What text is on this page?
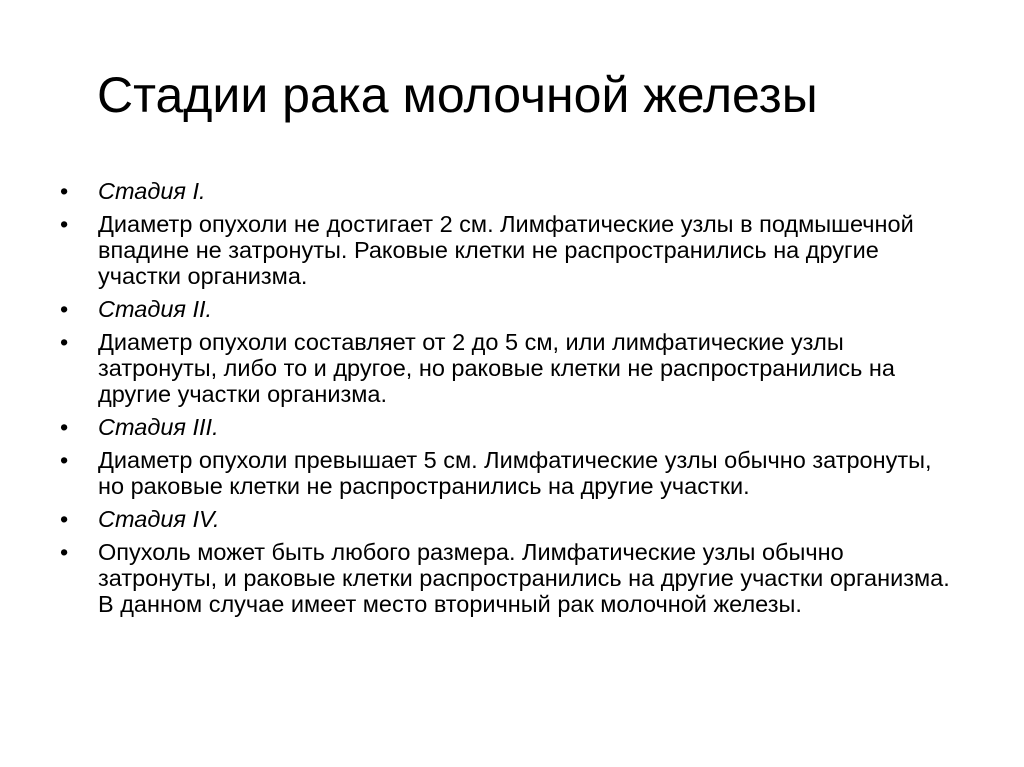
Стадии рака молочной железы
•	Стадия I.
•	Диаметр опухоли не достигает 2 см. Лимфатические узлы в подмышечной впадине не затронуты. Раковые клетки не распространились на другие участки организма.
•	Стадия II.
•	Диаметр опухоли составляет от 2 до 5 см, или лимфатические узлы затронуты, либо то и другое, но раковые клетки не распространились на другие участки организма.
•	Стадия III.
•	Диаметр опухоли превышает 5 см. Лимфатические узлы обычно затронуты, но раковые клетки не распространились на другие участки.
•	Стадия IV.
•	Опухоль может быть любого размера. Лимфатические узлы обычно затронуты, и раковые клетки распространились на другие участки организма. В данном случае имеет место вторичный рак молочной железы.
